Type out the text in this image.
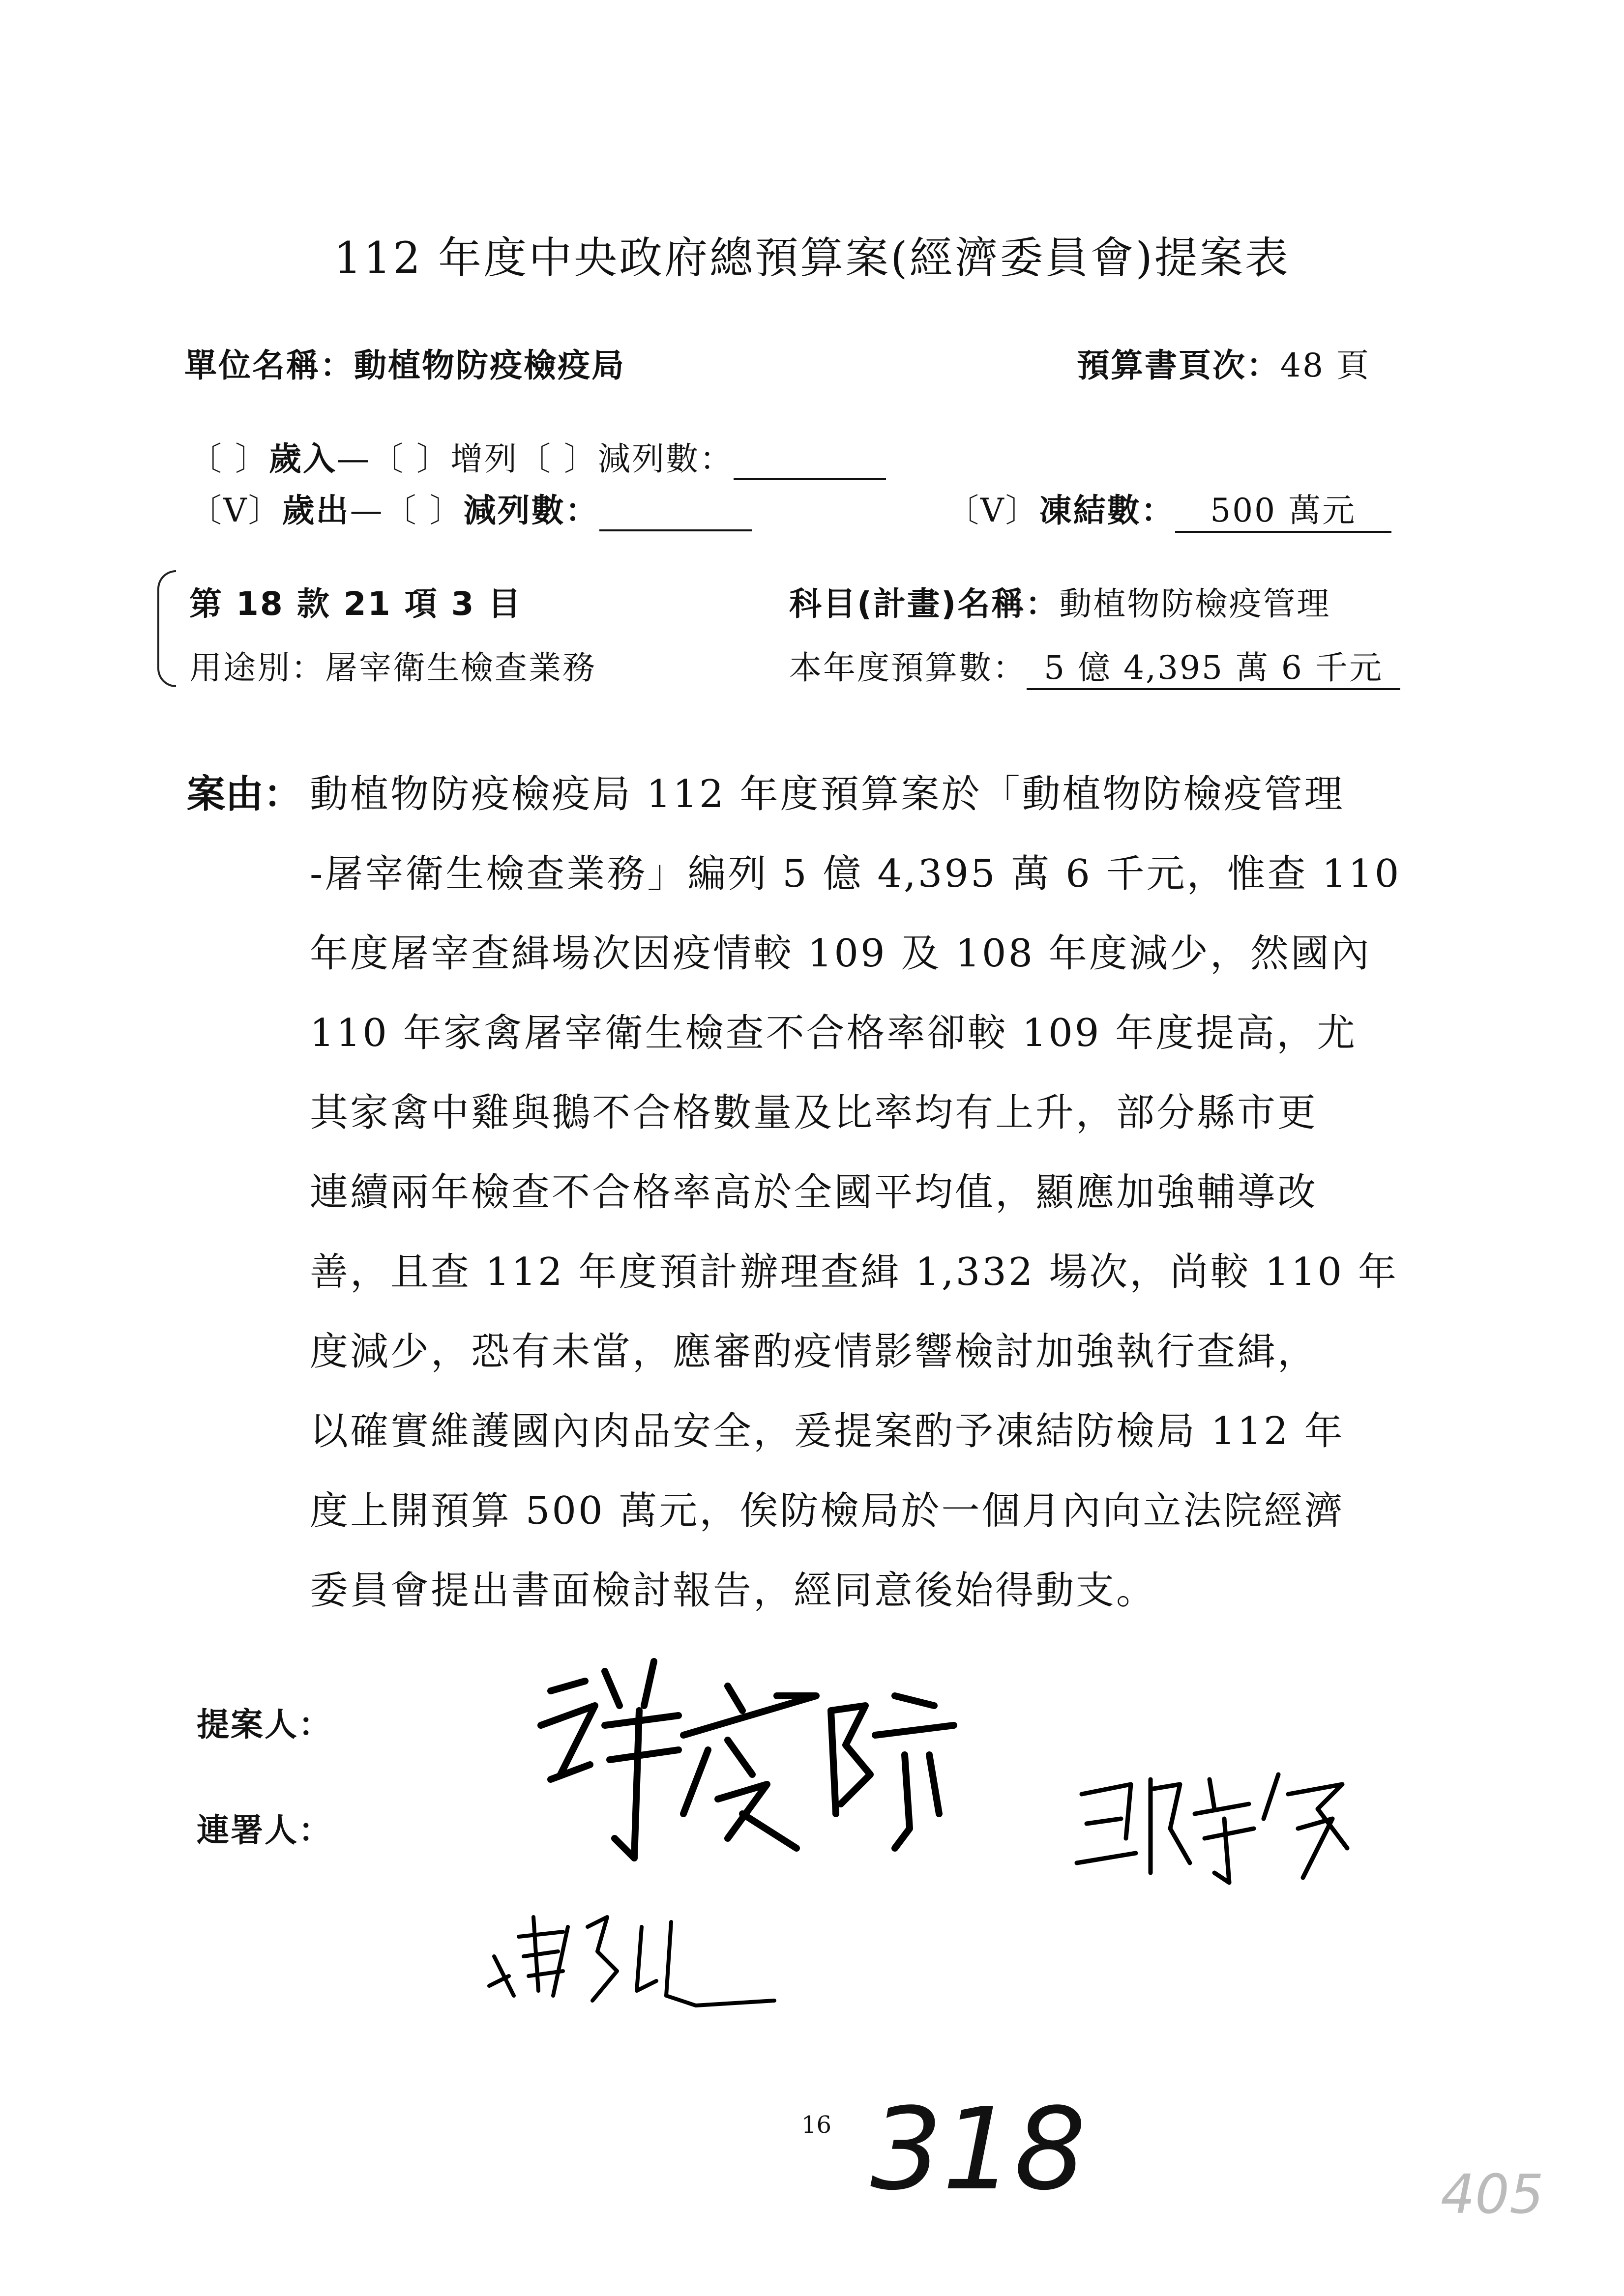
112 年度中央政府總預算案(經濟委員會)提案表
單位名稱：動植物防疫檢疫局	預算書頁次：48 頁
〔 〕歲入—〔 〕增列〔 〕減列數：
〔V〕歲出—〔 〕減列數：	〔V〕凍結數： 500 萬元
第 18 款 21 項 3 目	科目(計畫)名稱：動植物防檢疫管理
用途別：屠宰衛生檢查業務	本年度預算數： 5 億 4,395 萬 6 千元
案由： 動植物防疫檢疫局 112 年度預算案於「動植物防檢疫管理

-屠宰衛生檢查業務」編列 5 億 4,395 萬 6 千元，惟查 110

年度屠宰查緝場次因疫情較 109 及 108 年度減少，然國內

110 年家禽屠宰衛生檢查不合格率卻較 109 年度提高，尤

其家禽中雞與鵝不合格數量及比率均有上升，部分縣市更

連續兩年檢查不合格率高於全國平均值，顯應加強輔導改

善，且查 112 年度預計辦理查緝 1,332 場次，尚較 110 年

度減少，恐有未當，應審酌疫情影響檢討加強執行查緝，

以確實維護國內肉品安全，爰提案酌予凍結防檢局 112 年

度上開預算 500 萬元，俟防檢局於一個月內向立法院經濟

委員會提出書面檢討報告，經同意後始得動支。

提案人：
連署人：
16 318	405
